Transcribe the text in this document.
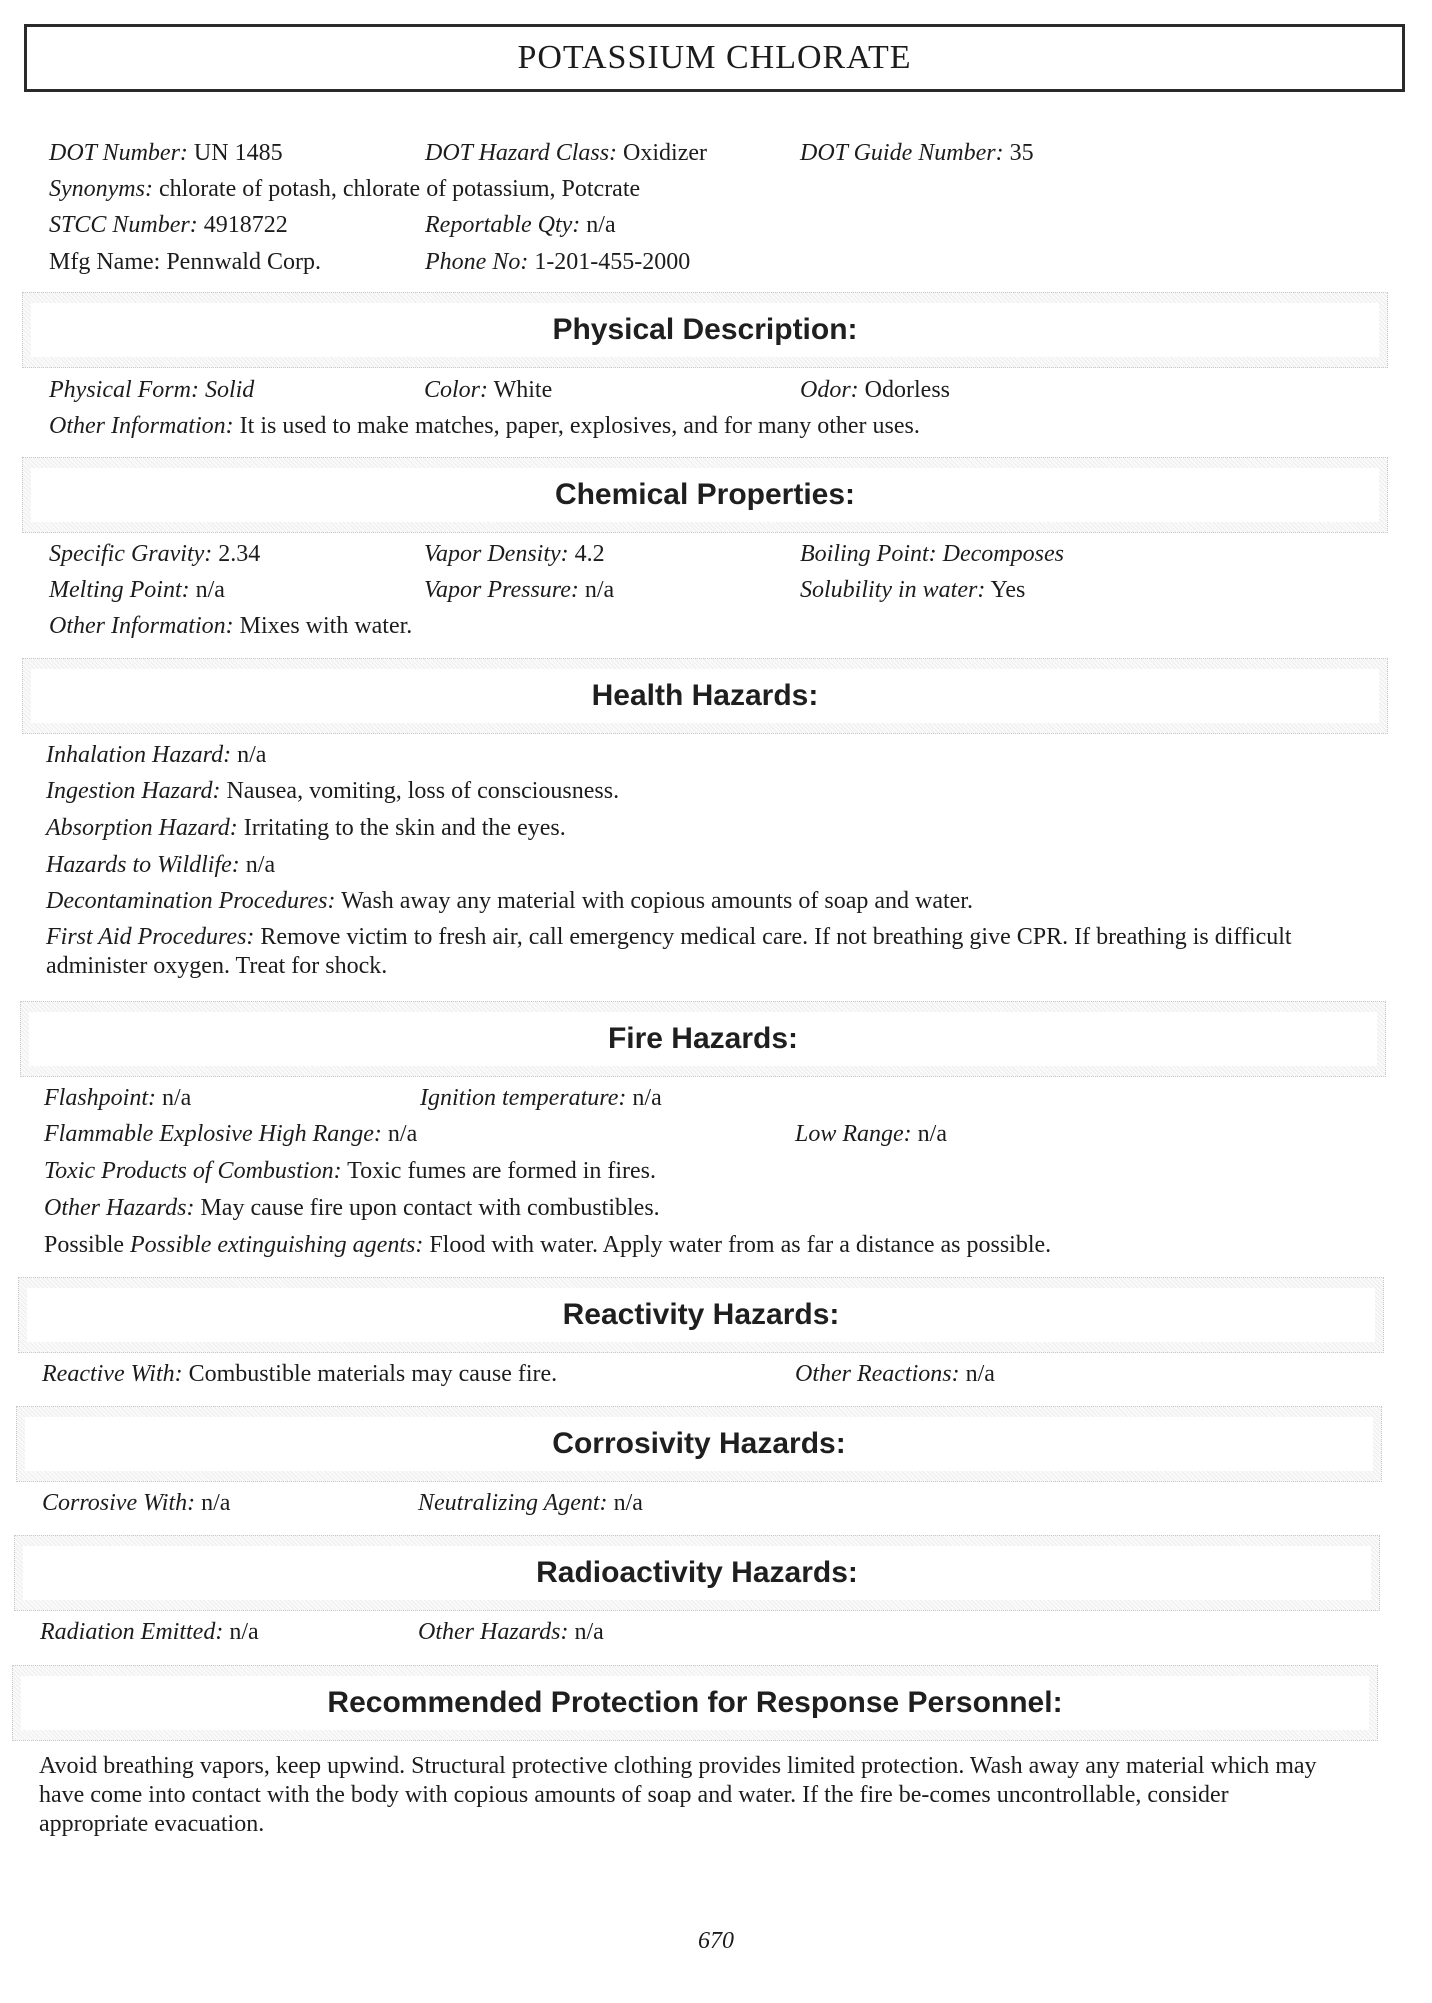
POTASSIUM CHLORATE
DOT Number: UN 1485	DOT Hazard Class: Oxidizer	DOT Guide Number: 35
Synonyms: chlorate of potash, chlorate of potassium, Potcrate
STCC Number: 4918722	Reportable Qty: n/a
Mfg Name: Pennwald Corp.	Phone No: 1-201-455-2000
Physical Description:
Physical Form: Solid	Color: White	Odor: Odorless
Other Information: It is used to make matches, paper, explosives, and for many other uses.
Chemical Properties:
Specific Gravity: 2.34	Vapor Density: 4.2	Boiling Point: Decomposes
Melting Point: n/a	Vapor Pressure: n/a	Solubility in water: Yes
Other Information: Mixes with water.
Health Hazards:
Inhalation Hazard: n/a
Ingestion Hazard: Nausea, vomiting, loss of consciousness.
Absorption Hazard: Irritating to the skin and the eyes.
Hazards to Wildlife: n/a
Decontamination Procedures: Wash away any material with copious amounts of soap and water.
First Aid Procedures: Remove victim to fresh air, call emergency medical care. If not breathing give CPR. If breathing is difficult administer oxygen. Treat for shock.
Fire Hazards:
Flashpoint: n/a	Ignition temperature: n/a
Flammable Explosive High Range: n/a	Low Range: n/a
Toxic Products of Combustion: Toxic fumes are formed in fires.
Other Hazards: May cause fire upon contact with combustibles.
Possible Possible extinguishing agents: Flood with water. Apply water from as far a distance as possible.
Reactivity Hazards:
Reactive With: Combustible materials may cause fire.	Other Reactions: n/a
Corrosivity Hazards:
Corrosive With: n/a	Neutralizing Agent: n/a
Radioactivity Hazards:
Radiation Emitted: n/a	Other Hazards: n/a
Recommended Protection for Response Personnel:
Avoid breathing vapors, keep upwind. Structural protective clothing provides limited protection. Wash away any material which may have come into contact with the body with copious amounts of soap and water. If the fire be-comes uncontrollable, consider appropriate evacuation.
670
